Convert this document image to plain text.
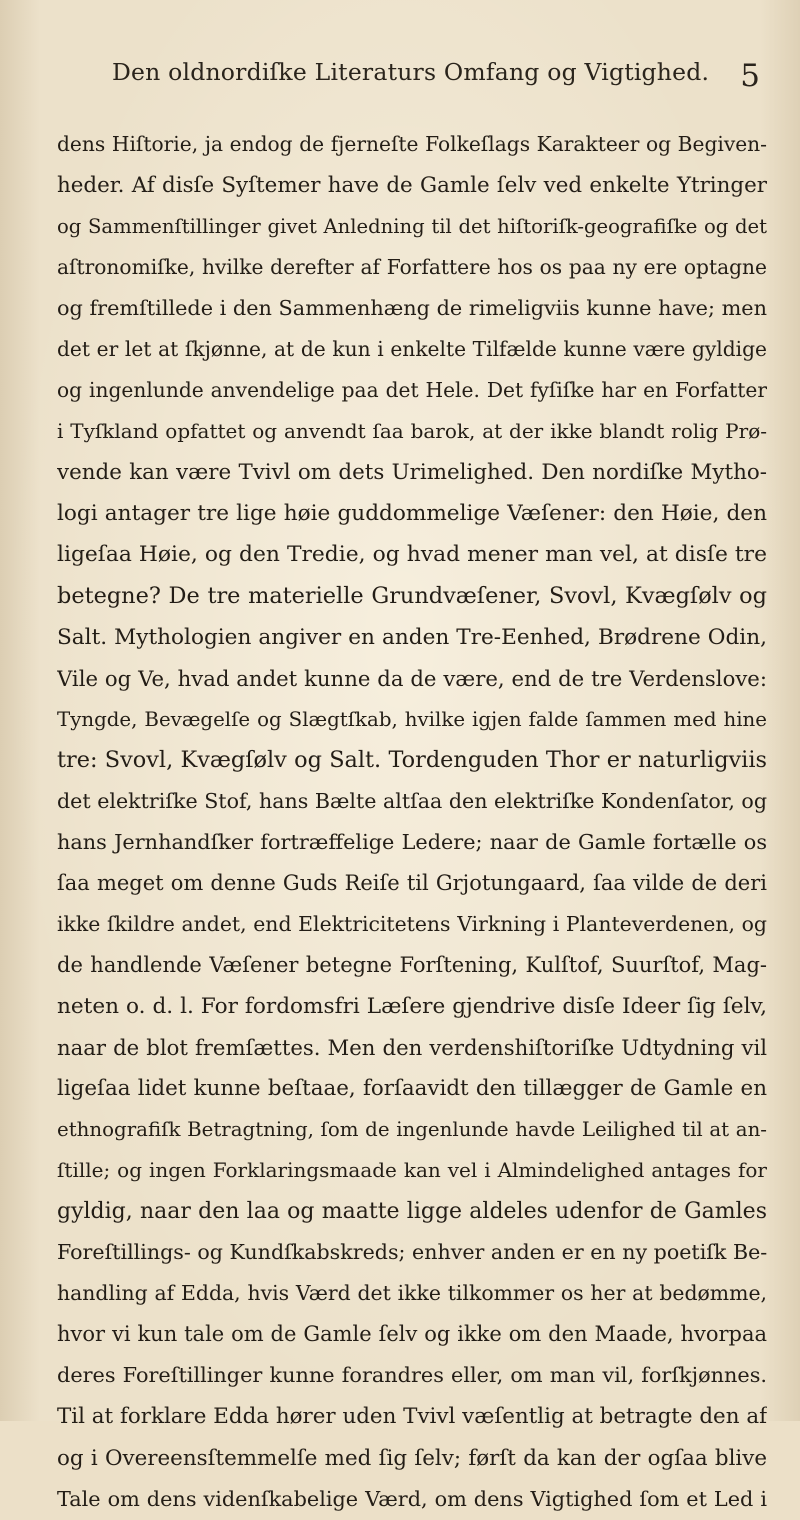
Den oldnordiſke Literaturs Omfang og Vigtighed. 5
dens Hiſtorie, ja endog de fjerneſte Folkeſlags Karakteer og Begiven-
heder. Af disſe Syſtemer have de Gamle ſelv ved enkelte Ytringer
og Sammenſtillinger givet Anledning til det hiſtoriſk-geografiſke og det
aſtronomiſke, hvilke derefter af Forfattere hos os paa ny ere optagne
og fremſtillede i den Sammenhæng de rimeligviis kunne have; men
det er let at ſkjønne, at de kun i enkelte Tilfælde kunne være gyldige
og ingenlunde anvendelige paa det Hele. Det fyſiſke har en Forfatter
i Tyſkland opfattet og anvendt ſaa barok, at der ikke blandt rolig Prø-
vende kan være Tvivl om dets Urimelighed. Den nordiſke Mytho-
logi antager tre lige høie guddommelige Væſener: den Høie, den
ligeſaa Høie, og den Tredie, og hvad mener man vel, at disſe tre
betegne? De tre materielle Grundvæſener, Svovl, Kvægſølv og
Salt. Mythologien angiver en anden Tre-Eenhed, Brødrene Odin,
Vile og Ve, hvad andet kunne da de være, end de tre Verdenslove:
Tyngde, Bevægelſe og Slægtſkab, hvilke igjen falde ſammen med hine
tre: Svovl, Kvægſølv og Salt. Tordenguden Thor er naturligviis
det elektriſke Stof, hans Bælte altſaa den elektriſke Kondenſator, og
hans Jernhandſker fortræffelige Ledere; naar de Gamle fortælle os
ſaa meget om denne Guds Reiſe til Grjotungaard, ſaa vilde de deri
ikke ſkildre andet, end Elektricitetens Virkning i Planteverdenen, og
de handlende Væſener betegne Forſtening, Kulſtof, Suurſtof, Mag-
neten o. d. l. For fordomsfri Læſere gjendrive disſe Ideer ſig ſelv,
naar de blot fremſættes. Men den verdenshiſtoriſke Udtydning vil
ligeſaa lidet kunne beſtaae, forſaavidt den tillægger de Gamle en
ethnografiſk Betragtning, ſom de ingenlunde havde Leilighed til at an-
ſtille; og ingen Forklaringsmaade kan vel i Almindelighed antages for
gyldig, naar den laa og maatte ligge aldeles udenfor de Gamles
Foreſtillings- og Kundſkabskreds; enhver anden er en ny poetiſk Be-
handling af Edda, hvis Værd det ikke tilkommer os her at bedømme,
hvor vi kun tale om de Gamle ſelv og ikke om den Maade, hvorpaa
deres Foreſtillinger kunne forandres eller, om man vil, forſkjønnes.
Til at forklare Edda hører uden Tvivl væſentlig at betragte den af
og i Overeensſtemmelſe med ſig ſelv; førſt da kan der ogſaa blive
Tale om dens videnſkabelige Værd, om dens Vigtighed ſom et Led i
